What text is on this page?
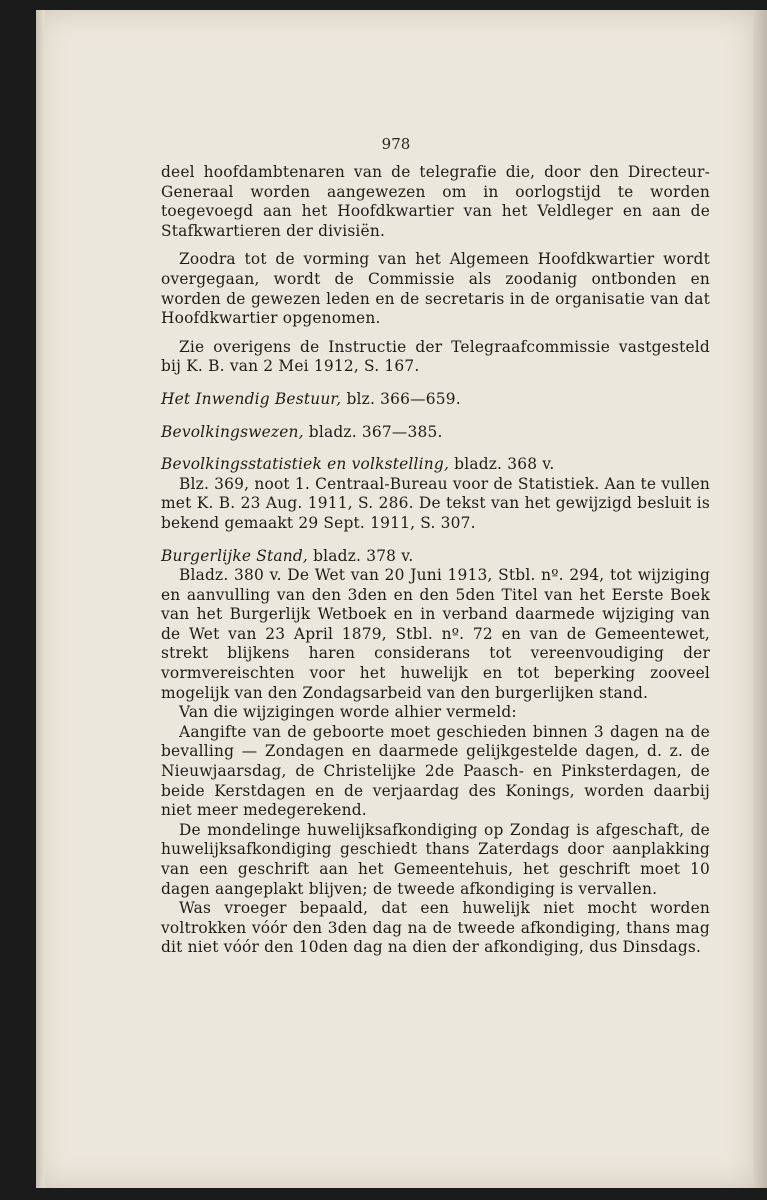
978

deel hoofdambtenaren van de telegrafie die, door den Directeur-Generaal worden aangewezen om in oorlogstijd te worden toegevoegd aan het Hoofdkwartier van het Veldleger en aan de Stafkwartieren der divisiën.

Zoodra tot de vorming van het Algemeen Hoofdkwartier wordt overgegaan, wordt de Commissie als zoodanig ontbonden en worden de gewezen leden en de secretaris in de organisatie van dat Hoofdkwartier opgenomen.

Zie overigens de Instructie der Telegraafcommissie vastgesteld bij K. B. van 2 Mei 1912, S. 167.

Het Inwendig Bestuur, blz. 366—659.

Bevolkingswezen, bladz. 367—385.

Bevolkingsstatistiek en volkstelling, bladz. 368 v.

Blz. 369, noot 1. Centraal-Bureau voor de Statistiek. Aan te vullen met K. B. 23 Aug. 1911, S. 286. De tekst van het gewijzigd besluit is bekend gemaakt 29 Sept. 1911, S. 307.

Burgerlijke Stand, bladz. 378 v.

Bladz. 380 v. De Wet van 20 Juni 1913, Stbl. nº. 294, tot wijziging en aanvulling van den 3den en den 5den Titel van het Eerste Boek van het Burgerlijk Wetboek en in verband daarmede wijziging van de Wet van 23 April 1879, Stbl. nº. 72 en van de Gemeentewet, strekt blijkens haren considerans tot vereenvoudiging der vormvereischten voor het huwelijk en tot beperking zooveel mogelijk van den Zondagsarbeid van den burgerlijken stand.

Van die wijzigingen worde alhier vermeld:

Aangifte van de geboorte moet geschieden binnen 3 dagen na de bevalling — Zondagen en daarmede gelijkgestelde dagen, d. z. de Nieuwjaarsdag, de Christelijke 2de Paasch- en Pinksterdagen, de beide Kerstdagen en de verjaardag des Konings, worden daarbij niet meer medegerekend.

De mondelinge huwelijksafkondiging op Zondag is afgeschaft, de huwelijksafkondiging geschiedt thans Zaterdags door aanplakking van een geschrift aan het Gemeentehuis, het geschrift moet 10 dagen aangeplakt blijven; de tweede afkondiging is vervallen.

Was vroeger bepaald, dat een huwelijk niet mocht worden voltrokken vóór den 3den dag na de tweede afkondiging, thans mag dit niet vóór den 10den dag na dien der afkondiging, dus Dinsdags.
